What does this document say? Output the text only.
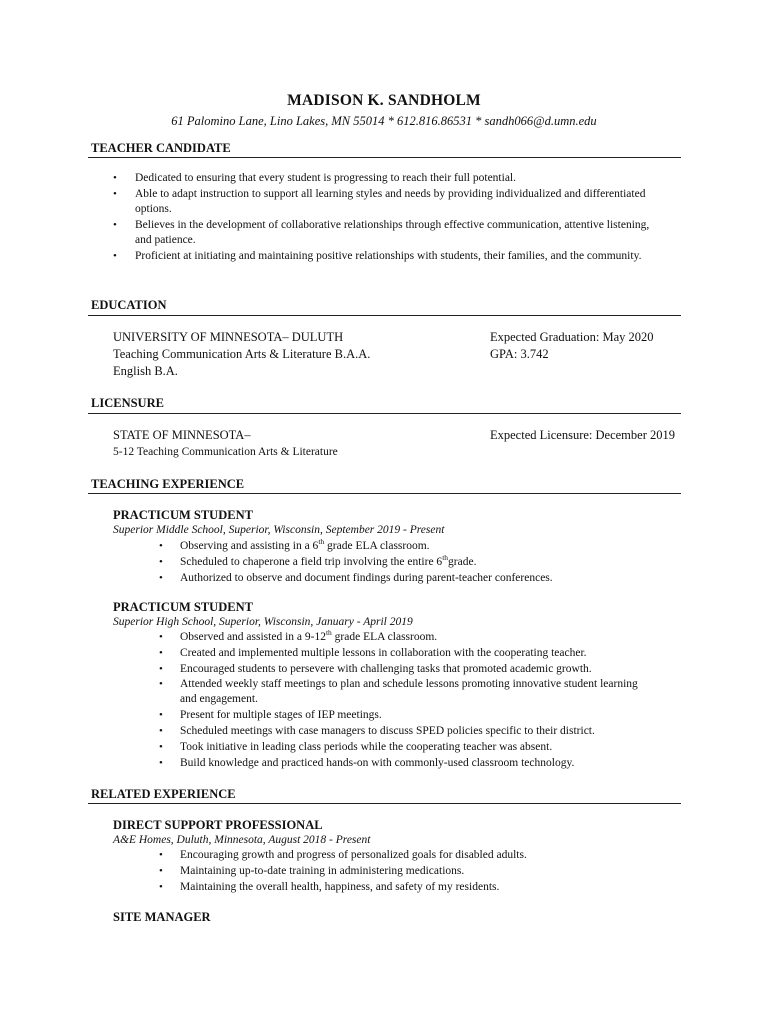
MADISON K. SANDHOLM
61 Palomino Lane, Lino Lakes, MN 55014 * 612.816.86531 * sandh066@d.umn.edu
TEACHER CANDIDATE
• Dedicated to ensuring that every student is progressing to reach their full potential.
• Able to adapt instruction to support all learning styles and needs by providing individualized and differentiated options.
• Believes in the development of collaborative relationships through effective communication, attentive listening, and patience.
• Proficient at initiating and maintaining positive relationships with students, their families, and the community.
EDUCATION
UNIVERSITY OF MINNESOTA– DULUTH	Expected Graduation: May 2020
Teaching Communication Arts & Literature B.A.A.	GPA: 3.742
English B.A.
LICENSURE
STATE OF MINNESOTA–	Expected Licensure: December 2019
5-12 Teaching Communication Arts & Literature
TEACHING EXPERIENCE
PRACTICUM STUDENT
Superior Middle School, Superior, Wisconsin, September 2019 - Present
• Observing and assisting in a 6th grade ELA classroom.
• Scheduled to chaperone a field trip involving the entire 6thgrade.
• Authorized to observe and document findings during parent-teacher conferences.
PRACTICUM STUDENT
Superior High School, Superior, Wisconsin, January - April 2019
• Observed and assisted in a 9-12th grade ELA classroom.
• Created and implemented multiple lessons in collaboration with the cooperating teacher.
• Encouraged students to persevere with challenging tasks that promoted academic growth.
• Attended weekly staff meetings to plan and schedule lessons promoting innovative student learning and engagement.
• Present for multiple stages of IEP meetings.
• Scheduled meetings with case managers to discuss SPED policies specific to their district.
• Took initiative in leading class periods while the cooperating teacher was absent.
• Build knowledge and practiced hands-on with commonly-used classroom technology.
RELATED EXPERIENCE
DIRECT SUPPORT PROFESSIONAL
A&E Homes, Duluth, Minnesota, August 2018 - Present
• Encouraging growth and progress of personalized goals for disabled adults.
• Maintaining up-to-date training in administering medications.
• Maintaining the overall health, happiness, and safety of my residents.
SITE MANAGER
